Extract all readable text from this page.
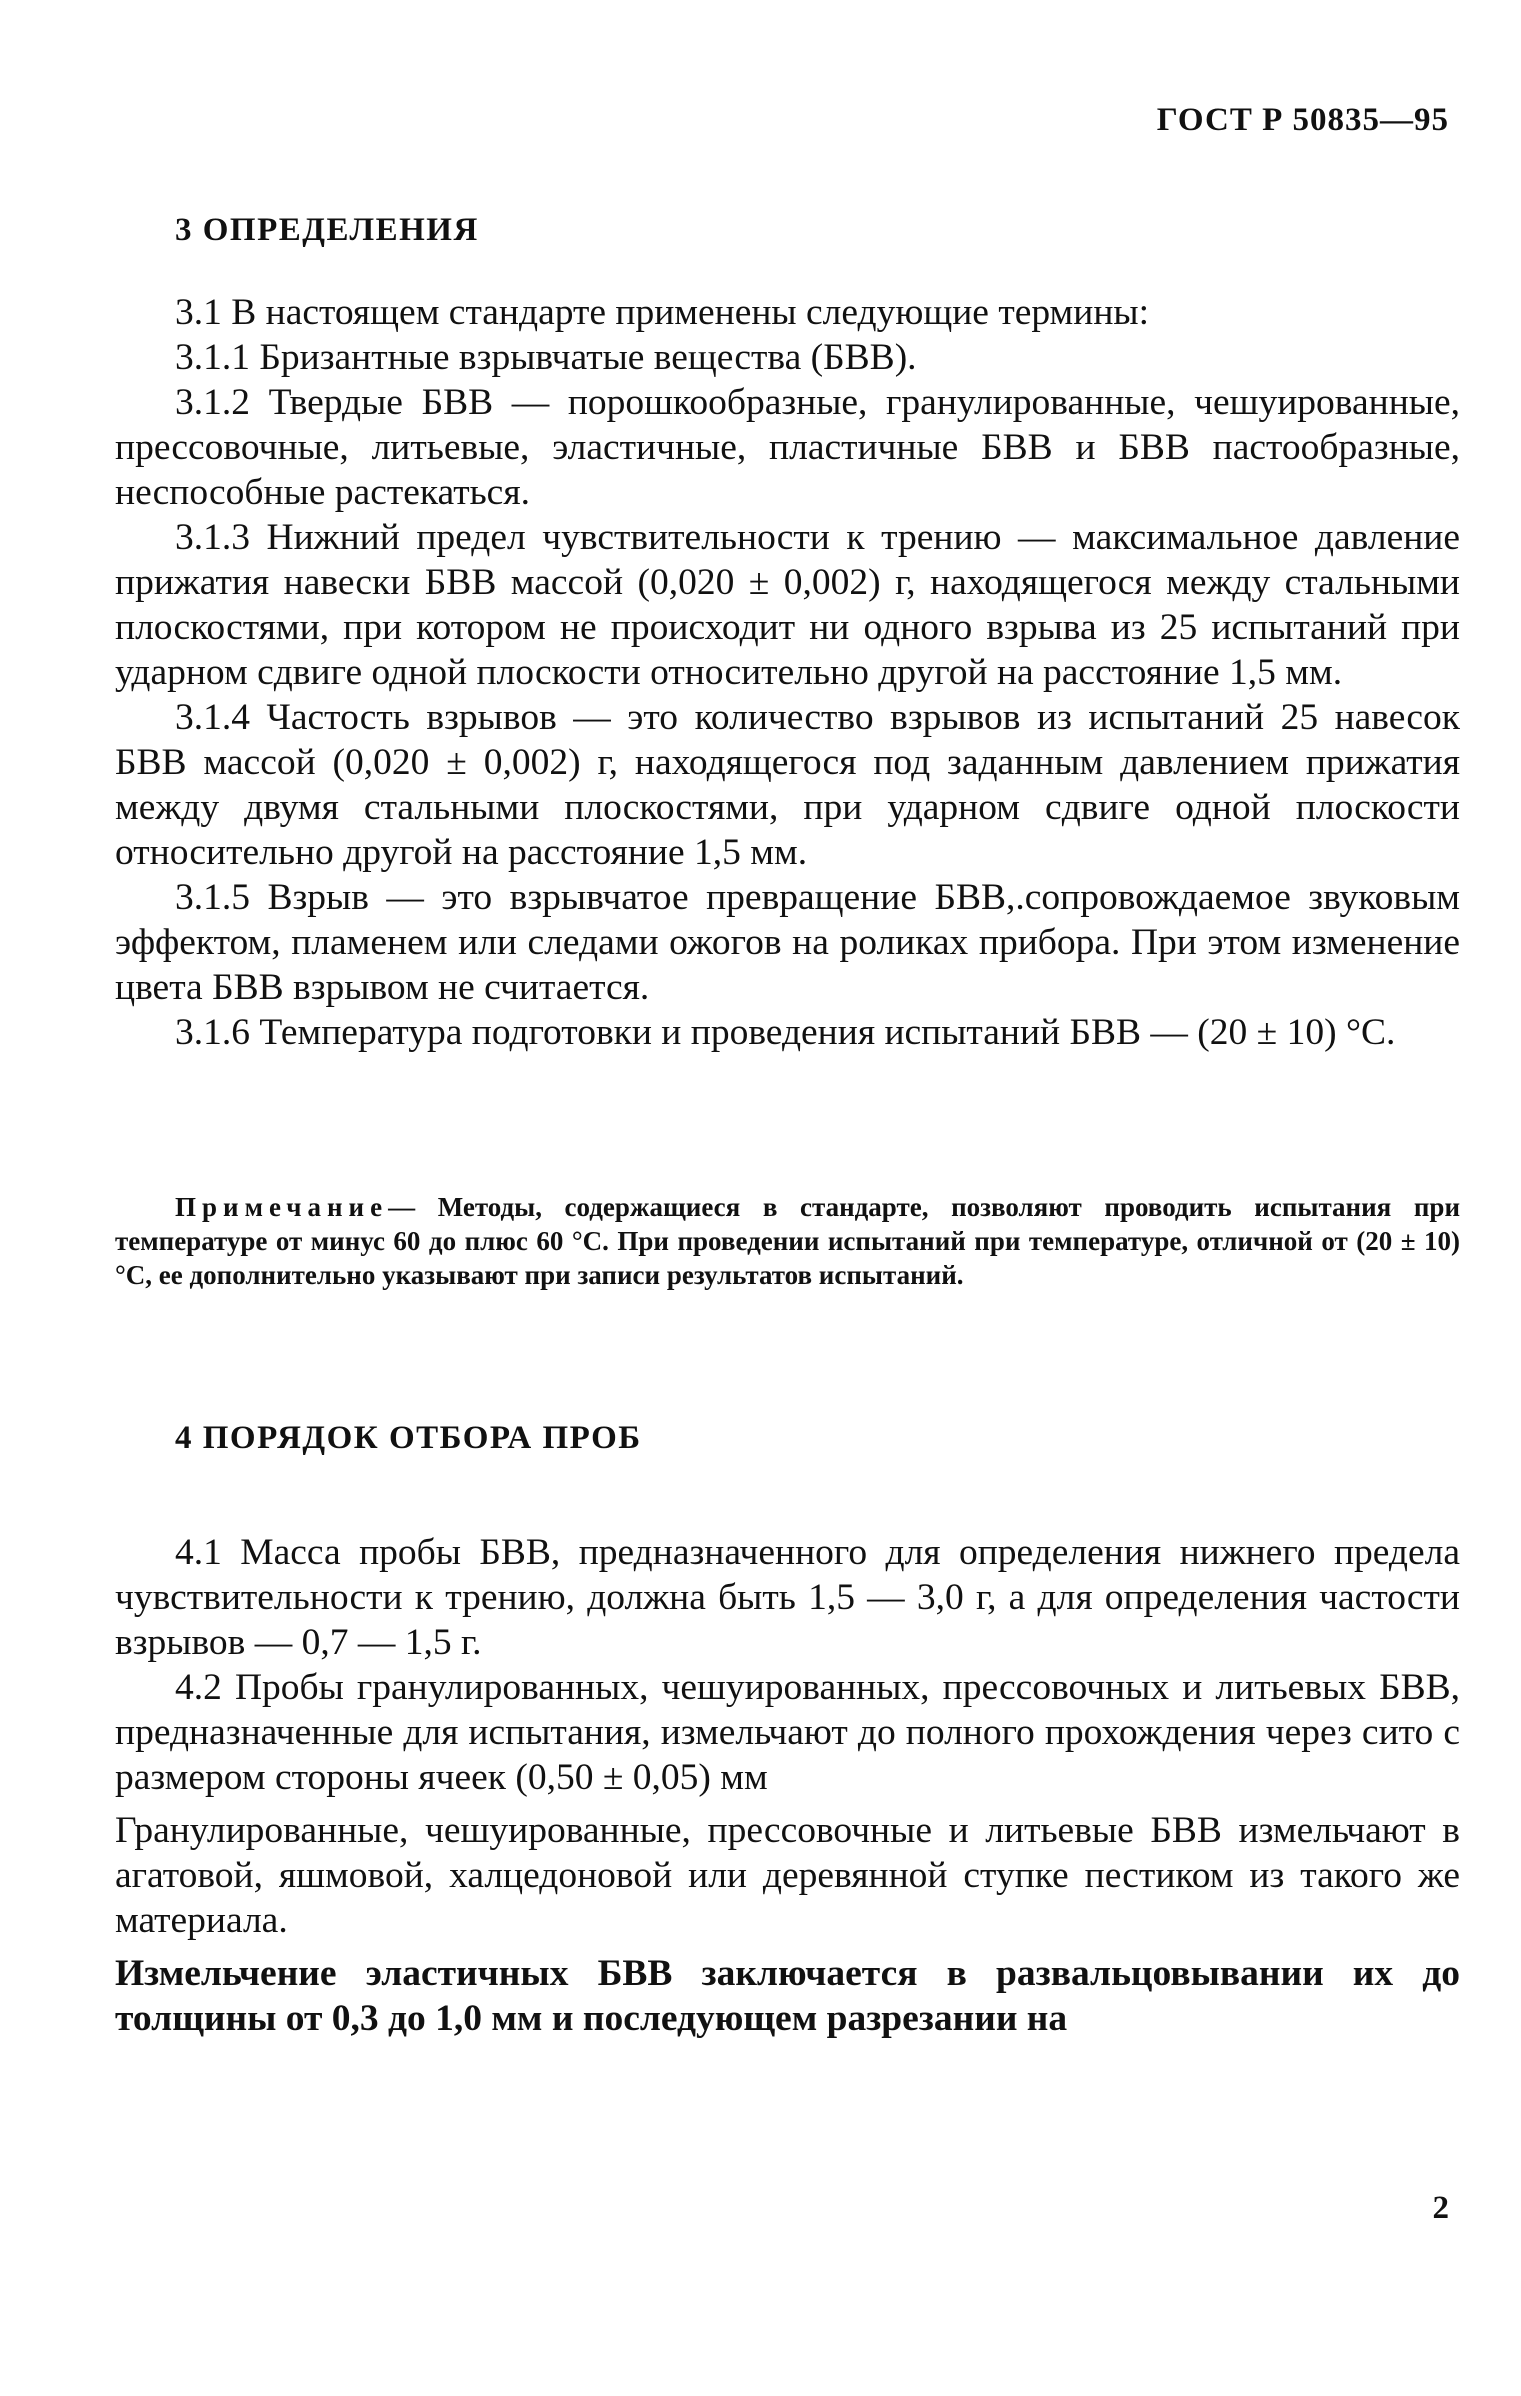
ГОСТ Р 50835—95
3 ОПРЕДЕЛЕНИЯ

3.1 В настоящем стандарте применены следующие термины:

3.1.1 Бризантные взрывчатые вещества (БВВ).

3.1.2 Твердые БВВ — порошкообразные, гранулированные, чешуированные, прессовочные, литьевые, эластичные, пластичные БВВ и БВВ пастообразные, неспособные растекаться.

3.1.3 Нижний предел чувствительности к трению — максимальное давление прижатия навески БВВ массой (0,020 ± 0,002) г, находящегося между стальными плоскостями, при котором не происходит ни одного взрыва из 25 испытаний при ударном сдвиге одной плоскости относительно другой на расстояние 1,5 мм.

3.1.4 Частость взрывов — это количество взрывов из испытаний 25 навесок БВВ массой (0,020 ± 0,002) г, находящегося под заданным давлением прижатия между двумя стальными плоскостями, при ударном сдвиге одной плоскости относительно другой на расстояние 1,5 мм.

3.1.5 Взрыв — это взрывчатое превращение БВВ,.сопровождаемое звуковым эффектом, пламенем или следами ожогов на роликах прибора. При этом изменение цвета БВВ взрывом не считается.

3.1.6 Температура подготовки и проведения испытаний БВВ — (20 ± 10) °С.

Примечание— Методы, содержащиеся в стандарте, позволяют проводить испытания при температуре от минус 60 до плюс 60 °С. При проведении испытаний при температуре, отличной от (20 ± 10) °С, ее дополнительно указывают при записи результатов испытаний.
4 ПОРЯДОК ОТБОРА ПРОБ

4.1 Масса пробы БВВ, предназначенного для определения нижнего предела чувствительности к трению, должна быть 1,5 — 3,0 г, а для определения частости взрывов — 0,7 — 1,5 г.

4.2 Пробы гранулированных, чешуированных, прессовочных и литьевых БВВ, предназначенные для испытания, измельчают до полного прохождения через сито с размером стороны ячеек (0,50 ± 0,05) мм

Гранулированные, чешуированные, прессовочные и литьевые БВВ измельчают в агатовой, яшмовой, халцедоновой или деревянной ступке пестиком из такого же материала.

Измельчение эластичных БВВ заключается в развальцовывании их до толщины от 0,3 до 1,0 мм и последующем разрезании на

2
